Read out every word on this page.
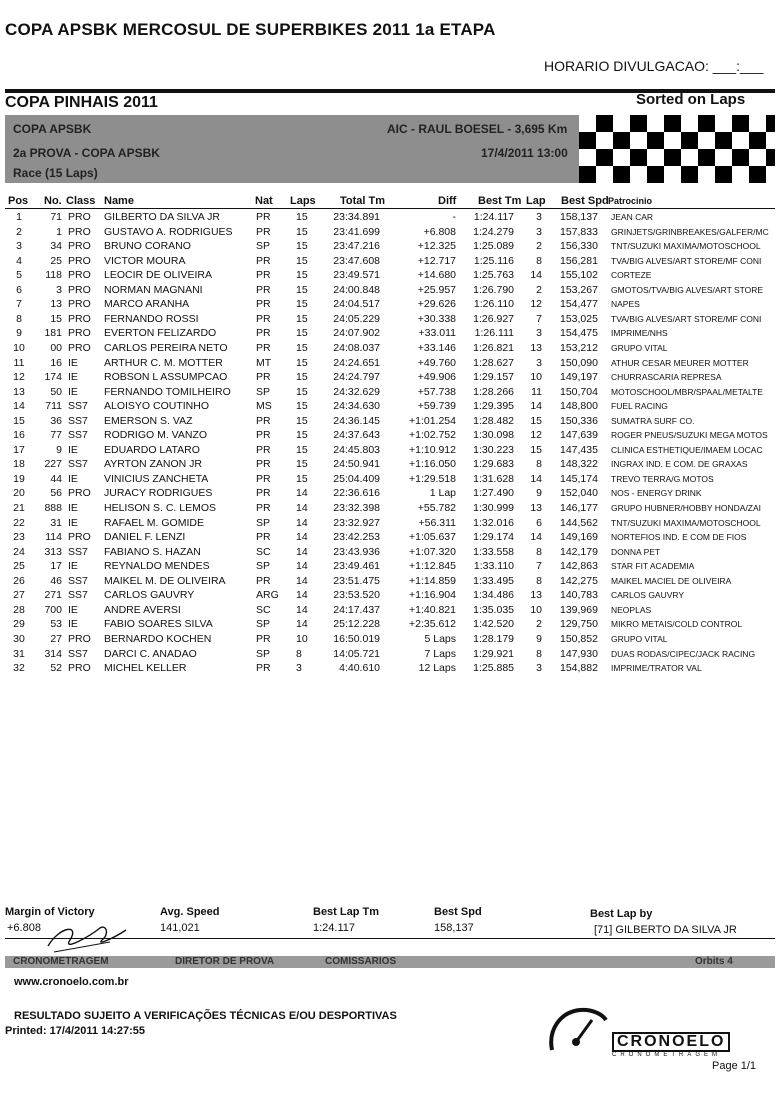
COPA APSBK MERCOSUL DE SUPERBIKES 2011 1a ETAPA
HORARIO DIVULGACAO: ___:___
COPA PINHAIS 2011	Sorted on Laps
COPA APSBK
2a PROVA - COPA APSBK
Race (15 Laps)
AIC - RAUL BOESEL - 3,695 Km
17/4/2011 13:00
Pos No. Class Name	Nat Laps Total Tm	Diff Best Tm Lap Best Spd Patrocinio
1	71 PRO GILBERTO DA SILVA JR	PR 15	23:34.891	-	1:24.117	3 158,137 JEAN CAR
2	1 PRO GUSTAVO A. RODRIGUES PR 15	23:41.699	+6.808	1:24.279	3 157,833 GRINJETS/GRINBREAKES/GALFER/MC
3	34 PRO BRUNO CORANO	SP 15	23:47.216	+12.325	1:25.089	2 156,330 TNT/SUZUKI MAXIMA/MOTOSCHOOL
4	25 PRO VICTOR MOURA	PR 15	23:47.608	+12.717	1:25.116	8 156,281 TVA/BIG ALVES/ART STORE/MF CONI
5	118 PRO LEOCIR DE OLIVEIRA	PR 15	23:49.571	+14.680	1:25.763 14 155,102 CORTEZE
6	3 PRO NORMAN MAGNANI	PR 15	24:00.848	+25.957	1:26.790	2 153,267 GMOTOS/TVA/BIG ALVES/ART STORE
7	13 PRO MARCO ARANHA	PR 15	24:04.517	+29.626	1:26.110 12 154,477 NAPES
8	15 PRO FERNANDO ROSSI	PR 15	24:05.229	+30.338	1:26.927	7 153,025 TVA/BIG ALVES/ART STORE/MF CONI
9	181 PRO EVERTON FELIZARDO	PR 15	24:07.902	+33.011	1:26.111	3 154,475 IMPRIME/NHS
10	00 PRO CARLOS PEREIRA NETO	PR 15	24:08.037	+33.146	1:26.821 13 153,212 GRUPO VITAL
11	16 IE ARTHUR C. M. MOTTER	MT 15	24:24.651	+49.760	1:28.627	3 150,090 ATHUR CESAR MEURER MOTTER
12	174 IE ROBSON L ASSUMPCAO	PR 15	24:24.797	+49.906	1:29.157 10 149,197 CHURRASCARIA REPRESA
13	50 IE FERNANDO TOMILHEIRO SP 15	24:32.629	+57.738	1:28.266 11 150,704 MOTOSCHOOL/MBR/SPAAL/METALTE
14	711 SS7 ALOISYO COUTINHO	MS 15	24:34.630	+59.739	1:29.395 14 148,800 FUEL RACING
15	36 SS7 EMERSON S. VAZ	PR 15	24:36.145	+1:01.254	1:28.482 15 150,336 SUMATRA SURF CO.
16	77 SS7 RODRIGO M. VANZO	PR 15	24:37.643	+1:02.752	1:30.098 12 147,639 ROGER PNEUS/SUZUKI MEGA MOTOS
17	9 IE EDUARDO LATARO	PR 15	24:45.803	+1:10.912	1:30.223 15 147,435 CLINICA ESTHETIQUE/IMAEM LOCAC
18	227 SS7 AYRTON ZANON JR	PR 15	24:50.941	+1:16.050	1:29.683	8 148,322 INGRAX IND. E COM. DE GRAXAS
19	44 IE VINICIUS ZANCHETA	PR 15	25:04.409	+1:29.518	1:31.628 14 145,174 TREVO TERRA/G MOTOS
20	56 PRO JURACY RODRIGUES	PR 14	22:36.616	1 Lap	1:27.490	9 152,040 NOS - ENERGY DRINK
21	888 IE HELISON S. C. LEMOS	PR 14	23:32.398	+55.782	1:30.999 13 146,177 GRUPO HUBNER/HOBBY HONDA/ZAI
22	31 IE RAFAEL M. GOMIDE	SP 14	23:32.927	+56.311	1:32.016	6 144,562 TNT/SUZUKI MAXIMA/MOTOSCHOOL
23	114 PRO DANIEL F. LENZI	PR 14	23:42.253	+1:05.637	1:29.174 14 149,169 NORTEFIOS IND. E COM DE FIOS
24	313 SS7 FABIANO S. HAZAN	SC 14	23:43.936	+1:07.320	1:33.558	8 142,179 DONNA PET
25	17 IE REYNALDO MENDES	SP 14	23:49.461	+1:12.845	1:33.110	7 142,863 STAR FIT ACADEMIA
26	46 SS7 MAIKEL M. DE OLIVEIRA	PR 14	23:51.475	+1:14.859	1:33.495	8 142,275 MAIKEL MACIEL DE OLIVEIRA
27	271 SS7 CARLOS GAUVRY	ARG 14	23:53.520	+1:16.904	1:34.486 13 140,783 CARLOS GAUVRY
28	700 IE ANDRE AVERSI	SC 14	24:17.437	+1:40.821	1:35.035 10 139,969 NEOPLAS
29	53 IE FABIO SOARES SILVA	SP 14	25:12.228	+2:35.612	1:42.520	2 129,750 MIKRO METAIS/COLD CONTROL
30	27 PRO BERNARDO KOCHEN	PR 10	16:50.019	5 Laps	1:28.179	9 150,852 GRUPO VITAL
31	314 SS7 DARCI C. ANADAO	SP 8	14:05.721	7 Laps	1:29.921	8 147,930 DUAS RODAS/CIPEC/JACK RACING
32	52 PRO MICHEL KELLER	PR 3	4:40.610	12 Laps	1:25.885	3 154,882 IMPRIME/TRATOR VAL
Margin of Victory
+6.808
Avg. Speed
141,021
Best Lap Tm
1:24.117
Best Spd
158,137
Best Lap by
[71] GILBERTO DA SILVA JR
CRONOMETRAGEM	DIRETOR DE PROVA	COMISSARIOS	Orbits 4
www.cronoelo.com.br
RESULTADO SUJEITO A VERIFICAÇÕES TÉCNICAS E/OU DESPORTIVAS
Printed: 17/4/2011 14:27:55
CRONOELO
CRONOMETRAGEM
Page 1/1
